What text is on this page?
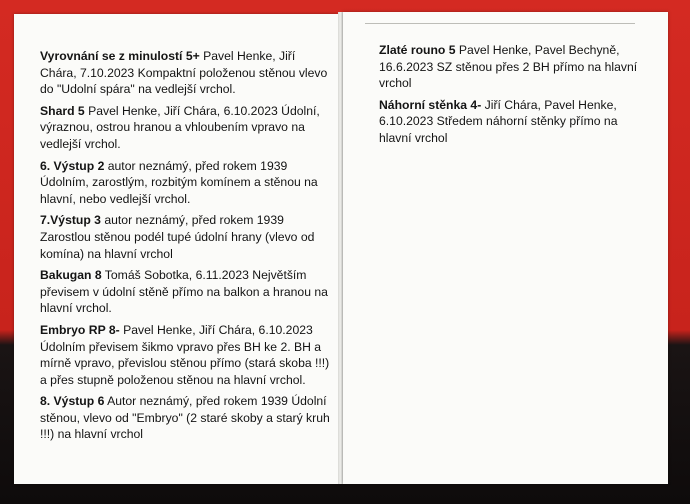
Vyrovnání se z minulostí 5+ Pavel Henke, Jiří Chára, 7.10.2023 Kompaktní položenou stěnou vlevo do "Udolní spára" na vedlejší vrchol.

Shard 5 Pavel Henke, Jiří Chára, 6.10.2023 Údolní, výraznou, ostrou hranou a vhloubením vpravo na vedlejší vrchol.

6. Výstup 2 autor neznámý, před rokem 1939 Údolním, zarostlým, rozbitým komínem a stěnou na hlavní, nebo vedlejší vrchol.

7.Výstup 3 autor neznámý, před rokem 1939 Zarostlou stěnou podél tupé údolní hrany (vlevo od komína) na hlavní vrchol

Bakugan 8 Tomáš Sobotka, 6.11.2023 Největším převisem v údolní stěně přímo na balkon a hranou na hlavní vrchol.

Embryo RP 8- Pavel Henke, Jiří Chára, 6.10.2023 Údolním převisem šikmo vpravo přes BH ke 2. BH a mírně vpravo, převislou stěnou přímo (stará skoba !!!) a přes stupně položenou stěnou na hlavní vrchol.

8. Výstup 6 Autor neznámý, před rokem 1939 Údolní stěnou, vlevo od "Embryo" (2 staré skoby a starý kruh !!!) na hlavní vrchol

Zlaté rouno 5 Pavel Henke, Pavel Bechyně, 16.6.2023 SZ stěnou přes 2 BH přímo na hlavní vrchol

Náhorní stěnka 4- Jiří Chára, Pavel Henke, 6.10.2023 Středem náhorní stěnky přímo na hlavní vrchol
